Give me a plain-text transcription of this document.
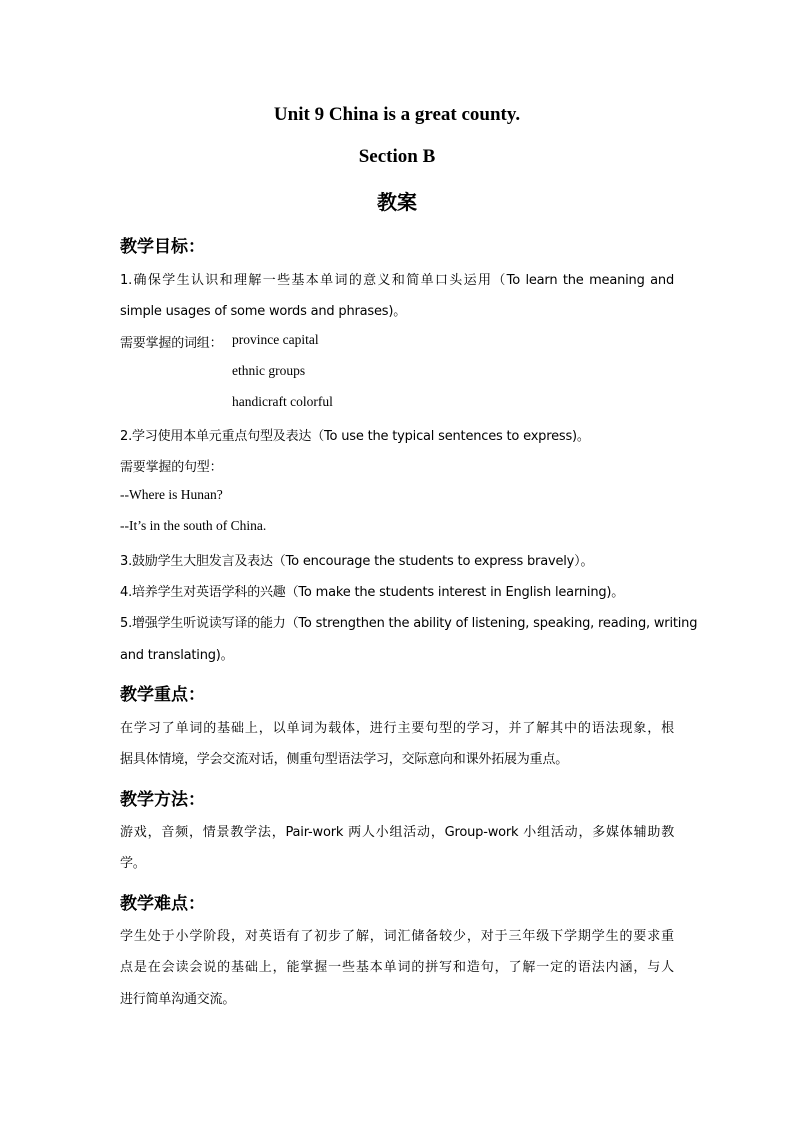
Unit 9 China is a great county.
Section B
教案
教学目标：
1.确保学生认识和理解一些基本单词的意义和简单口头运用（To learn the meaning and
simple usages of some words and phrases)。
需要掌握的词组： province capital
ethnic groups
handicraft colorful
2.学习使用本单元重点句型及表达（To use the typical sentences to express)。
需要掌握的句型：
--Where is Hunan?
--It’s in the south of China.
3.鼓励学生大胆发言及表达（To encourage the students to express bravely）。
4.培养学生对英语学科的兴趣（To make the students interest in English learning)。
5.增强学生听说读写译的能力（To strengthen the ability of listening, speaking, reading, writing
and translating)。
教学重点：
在学习了单词的基础上，以单词为载体，进行主要句型的学习，并了解其中的语法现象，根
据具体情境，学会交流对话，侧重句型语法学习，交际意向和课外拓展为重点。
教学方法：
游戏，音频，情景教学法，Pair-work 两人小组活动，Group-work 小组活动，多媒体辅助教
学。
教学难点：
学生处于小学阶段，对英语有了初步了解，词汇储备较少，对于三年级下学期学生的要求重
点是在会读会说的基础上，能掌握一些基本单词的拼写和造句，了解一定的语法内涵，与人
进行简单沟通交流。
